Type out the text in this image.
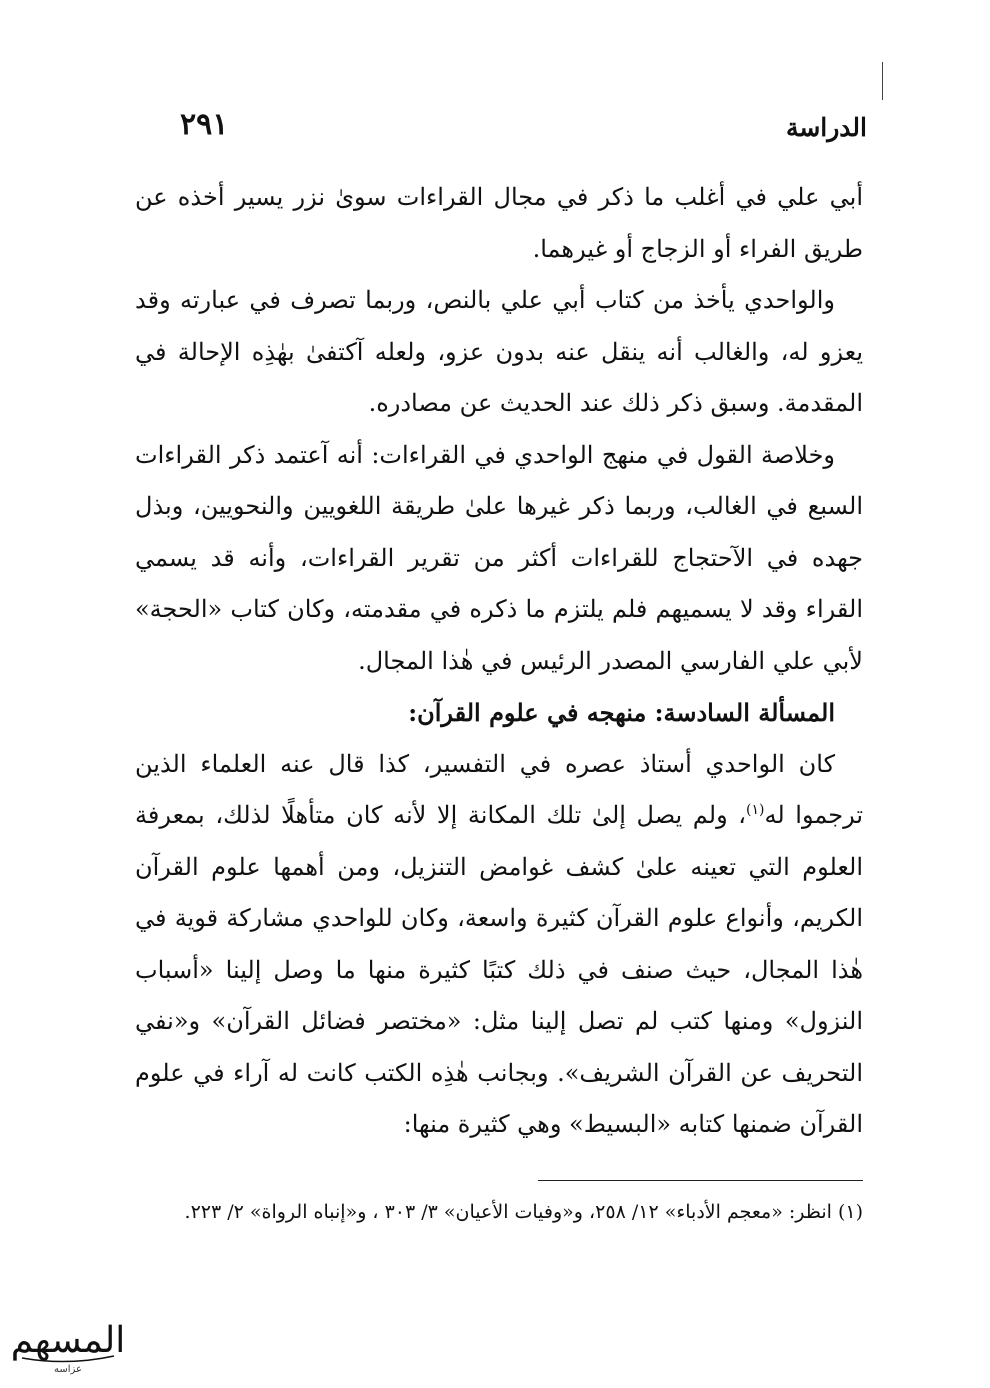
٢٩١	الدراسة

أبي علي في أغلب ما ذكر في مجال القراءات سوىٰ نزر يسير أخذه عن طريق الفراء أو الزجاج أو غيرهما.

والواحدي يأخذ من كتاب أبي علي بالنص، وربما تصرف في عبارته وقد يعزو له، والغالب أنه ينقل عنه بدون عزو، ولعله آكتفىٰ بهٰذِه الإحالة في المقدمة. وسبق ذكر ذلك عند الحديث عن مصادره.

وخلاصة القول في منهج الواحدي في القراءات: أنه آعتمد ذكر القراءات السبع في الغالب، وربما ذكر غيرها علىٰ طريقة اللغويين والنحويين، وبذل جهده في الآحتجاج للقراءات أكثر من تقرير القراءات، وأنه قد يسمي القراء وقد لا يسميهم فلم يلتزم ما ذكره في مقدمته، وكان كتاب «الحجة» لأبي علي الفارسي المصدر الرئيس في هٰذا المجال.

المسألة السادسة: منهجه في علوم القرآن:

كان الواحدي أستاذ عصره في التفسير، كذا قال عنه العلماء الذين ترجموا له$^{(١)}$، ولم يصل إلىٰ تلك المكانة إلا لأنه كان متأهلًا لذلك، بمعرفة العلوم التي تعينه علىٰ كشف غوامض التنزيل، ومن أهمها علوم القرآن الكريم، وأنواع علوم القرآن كثيرة واسعة، وكان للواحدي مشاركة قوية في هٰذا المجال، حيث صنف في ذلك كتبًا كثيرة منها ما وصل إلينا «أسباب النزول» ومنها كتب لم تصل إلينا مثل: «مختصر فضائل القرآن» و«نفي التحريف عن القرآن الشريف». وبجانب هٰذِه الكتب كانت له آراء في علوم القرآن ضمنها كتابه «البسيط» وهي كثيرة منها:

(١) انظر: «معجم الأدباء» ١٢/ ٢٥٨، و«وفيات الأعيان» ٣/ ٣٠٣ ، و«إنباه الرواة» ٢/ ٢٢٣.
المسهم
عزاسه
